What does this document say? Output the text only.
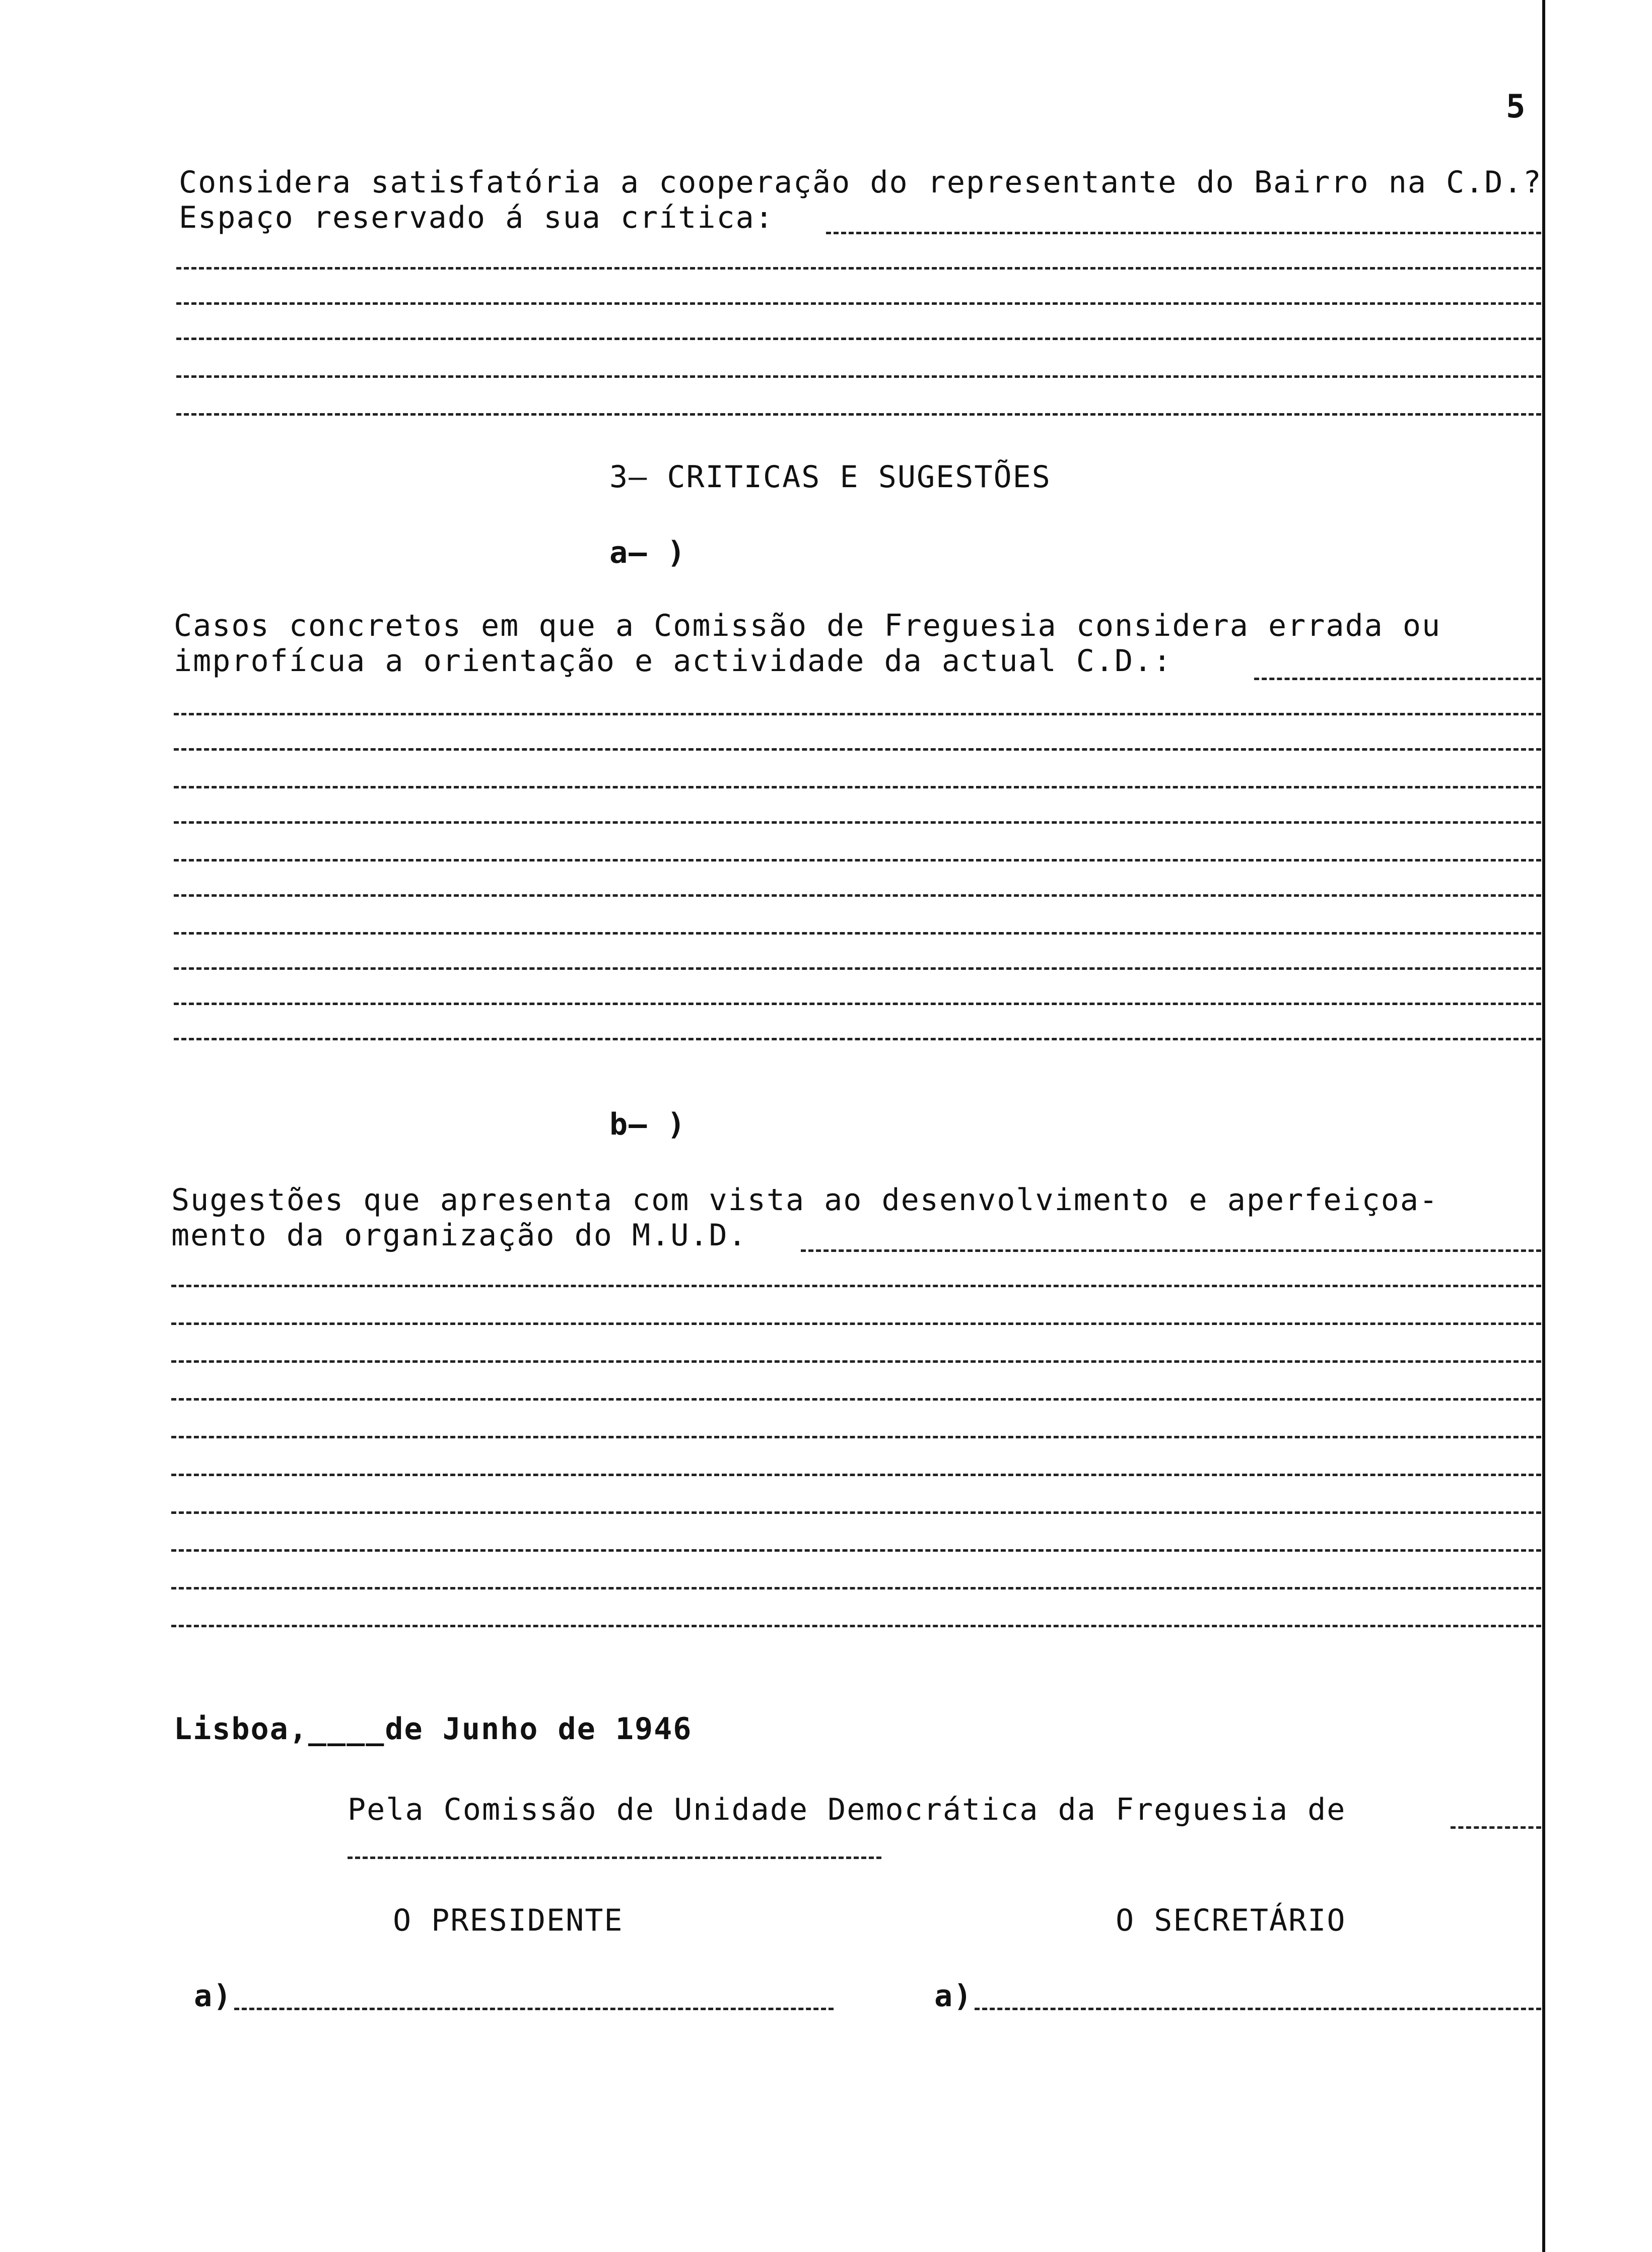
5
Considera satisfatória a cooperação do representante do Bairro na C.D.?
Espaço reservado á sua crítica:
3— CRITICAS E SUGESTÕES
a— )
Casos concretos em que a Comissão de Freguesia considera errada ou
improfícua a orientação e actividade da actual C.D.:
b— )
Sugestões que apresenta com vista ao desenvolvimento e aperfeiçoa-
mento da organização do M.U.D.
Lisboa,____de Junho de 1946
Pela Comissão de Unidade Democrática da Freguesia de
O PRESIDENTE	O SECRETÁRIO
a)	a)
